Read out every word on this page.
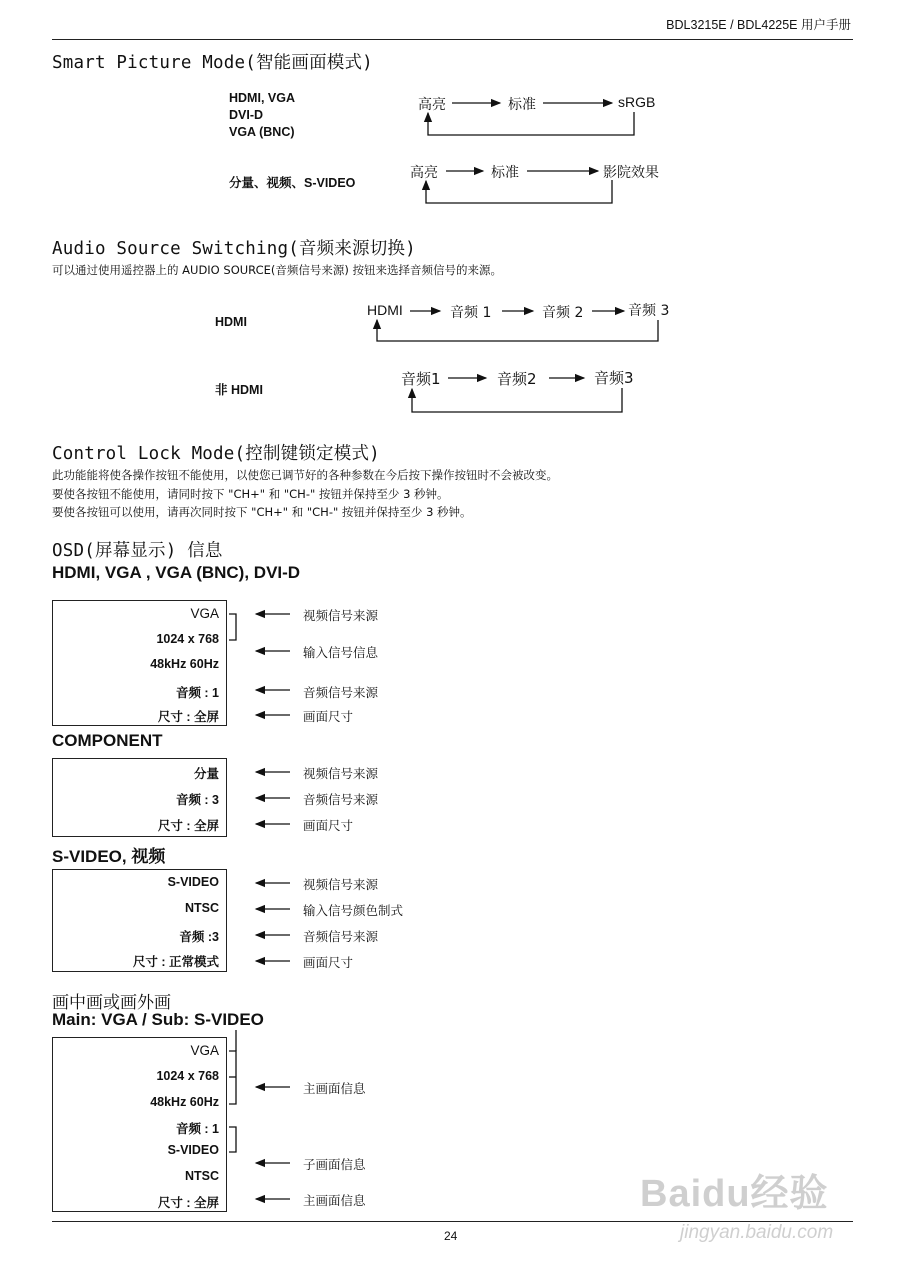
BDL3215E / BDL4225E 用户手册
Smart Picture Mode(智能画面模式)
HDMI, VGA
DVI-D
VGA (BNC)
高亮	标准	sRGB
分量、视频、S-VIDEO
高亮	标准	影院效果
Audio Source Switching(音频来源切换)
可以通过使用遥控器上的 AUDIO SOURCE(音频信号来源) 按钮来选择音频信号的来源。
HDMI
HDMI	音频 1	音频 2	音频 3
非 HDMI
音频1	音频2	音频3
Control Lock Mode(控制键锁定模式)
此功能能将使各操作按钮不能使用，以使您已调节好的各种参数在今后按下操作按钮时不会被改变。
要使各按钮不能使用，请同时按下 "CH+" 和 "CH-" 按钮并保持至少 3 秒钟。
要使各按钮可以使用，请再次同时按下 "CH+" 和 "CH-" 按钮并保持至少 3 秒钟。
OSD(屏幕显示) 信息
HDMI, VGA , VGA (BNC), DVI-D
VGA
1024 x 768
48kHz 60Hz
音频 : 1
尺寸 : 全屏
视频信号来源
输入信号信息
音频信号来源
画面尺寸
COMPONENT
分量
音频 : 3
尺寸 : 全屏
视频信号来源
音频信号来源
画面尺寸
S-VIDEO, 视频
S-VIDEO
NTSC
音频 :3
尺寸 : 正常模式
视频信号来源
输入信号颜色制式
音频信号来源
画面尺寸
画中画或画外画
Main: VGA / Sub: S-VIDEO
VGA
1024 x 768
48kHz 60Hz
音频 : 1
S-VIDEO
NTSC
尺寸 : 全屏
主画面信息
子画面信息
主画面信息
24
Baidu经验
jingyan.baidu.com
